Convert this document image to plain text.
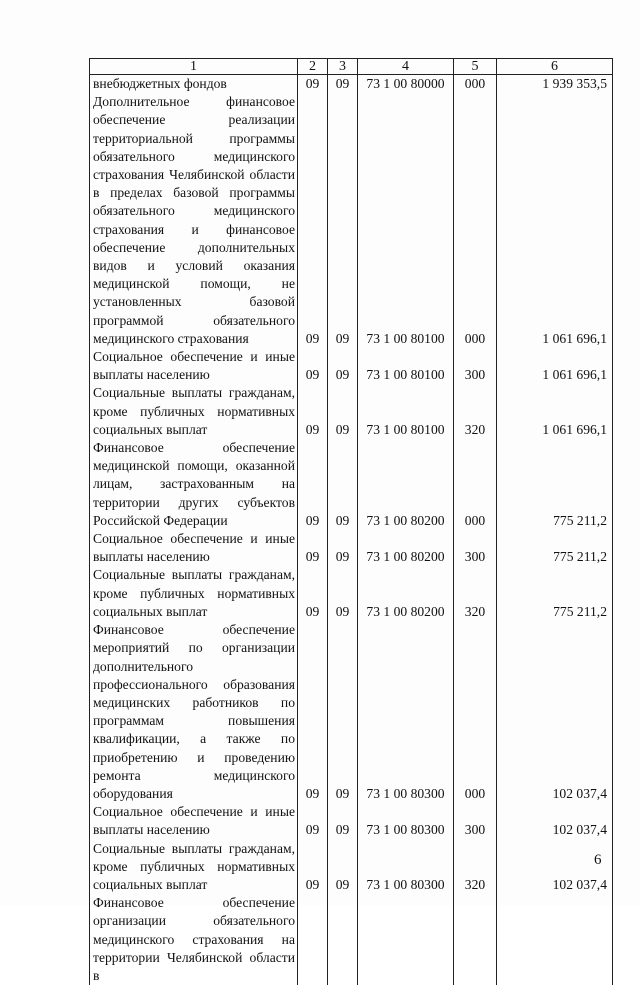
1	2	3	4	5	6
внебюджетных фондов	09	09	73 1 00 80000	000	1 939 353,5
Дополнительное финансовое обеспечение реализации территориальной программы обязательного медицинского страхования Челябинской области в пределах базовой программы обязательного медицинского страхования и финансовое обеспечение дополнительных видов и условий оказания медицинской помощи, не установленных базовой программой обязательного медицинского страхования	09	09	73 1 00 80100	000	1 061 696,1
Социальное обеспечение и иные выплаты населению	09	09	73 1 00 80100	300	1 061 696,1
Социальные выплаты гражданам, кроме публичных нормативных социальных выплат	09	09	73 1 00 80100	320	1 061 696,1
Финансовое обеспечение медицинской помощи, оказанной лицам, застрахованным на территории других субъектов Российской Федерации	09	09	73 1 00 80200	000	775 211,2
Социальное обеспечение и иные выплаты населению	09	09	73 1 00 80200	300	775 211,2
Социальные выплаты гражданам, кроме публичных нормативных социальных выплат	09	09	73 1 00 80200	320	775 211,2
Финансовое обеспечение мероприятий по организации дополнительного профессионального образования медицинских работников по программам повышения квалификации, а также по приобретению и проведению ремонта медицинского оборудования	09	09	73 1 00 80300	000	102 037,4
Социальное обеспечение и иные выплаты населению	09	09	73 1 00 80300	300	102 037,4
Социальные выплаты гражданам, кроме публичных нормативных социальных выплат	09	09	73 1 00 80300	320	102 037,4
Финансовое обеспечение организации обязательного медицинского страхования на территории Челябинской области в					

6
